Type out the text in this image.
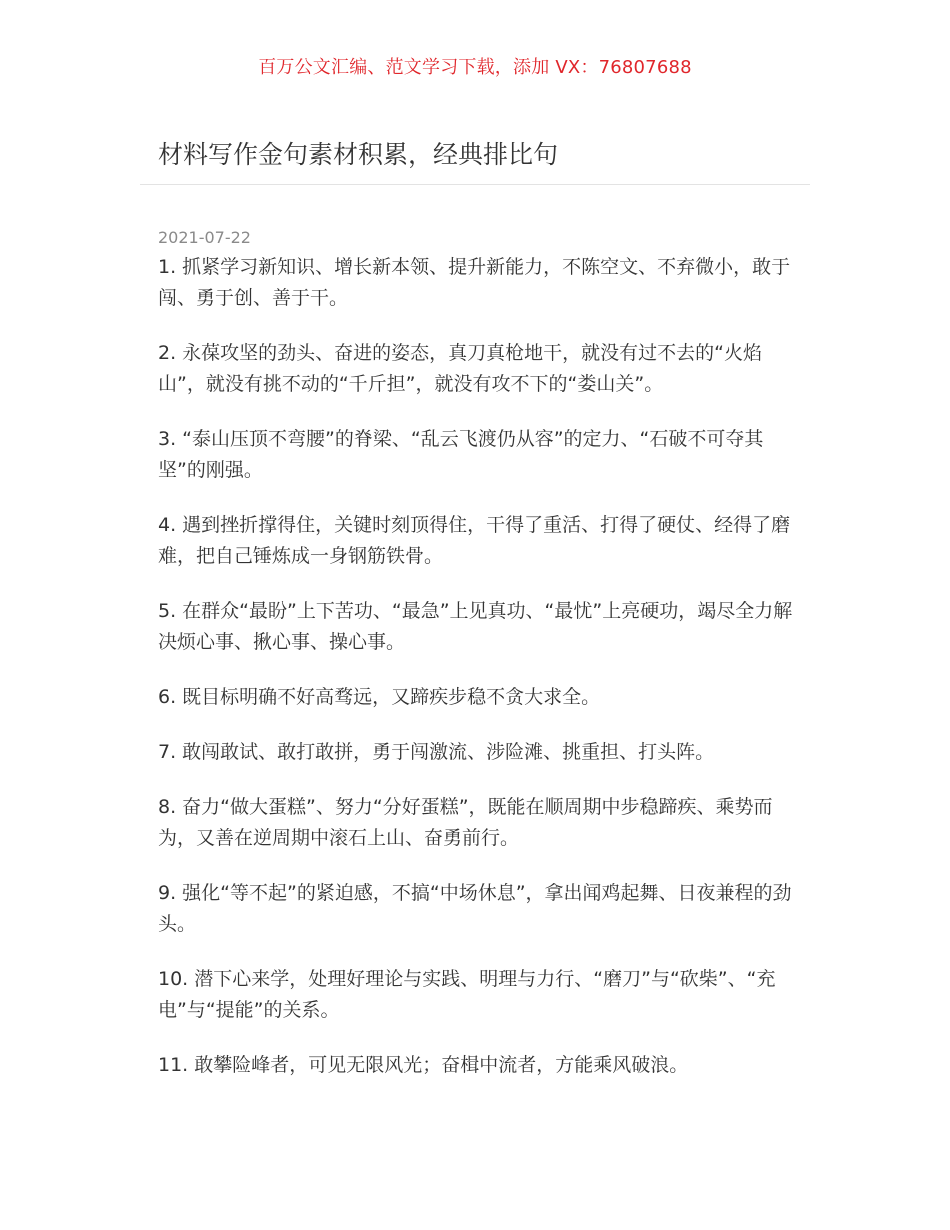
百万公文汇编、范文学习下载，添加 VX：76807688
材料写作金句素材积累，经典排比句
2021-07-22

1. 抓紧学习新知识、增长新本领、提升新能力，不陈空文、不弃微小，敢于闯、勇于创、善于干。

2. 永葆攻坚的劲头、奋进的姿态，真刀真枪地干，就没有过不去的“火焰山”，就没有挑不动的“千斤担”，就没有攻不下的“娄山关”。

3. “泰山压顶不弯腰”的脊梁、“乱云飞渡仍从容”的定力、“石破不可夺其坚”的刚强。

4. 遇到挫折撑得住，关键时刻顶得住，干得了重活、打得了硬仗、经得了磨难，把自己锤炼成一身钢筋铁骨。

5. 在群众“最盼”上下苦功、“最急”上见真功、“最忧”上亮硬功，竭尽全力解决烦心事、揪心事、操心事。

6. 既目标明确不好高骛远，又蹄疾步稳不贪大求全。

7. 敢闯敢试、敢打敢拼，勇于闯激流、涉险滩、挑重担、打头阵。

8. 奋力“做大蛋糕”、努力“分好蛋糕”，既能在顺周期中步稳蹄疾、乘势而为，又善在逆周期中滚石上山、奋勇前行。

9. 强化“等不起”的紧迫感，不搞“中场休息”，拿出闻鸡起舞、日夜兼程的劲头。

10. 潜下心来学，处理好理论与实践、明理与力行、“磨刀”与“砍柴”、“充电”与“提能”的关系。

11. 敢攀险峰者，可见无限风光；奋楫中流者，方能乘风破浪。
